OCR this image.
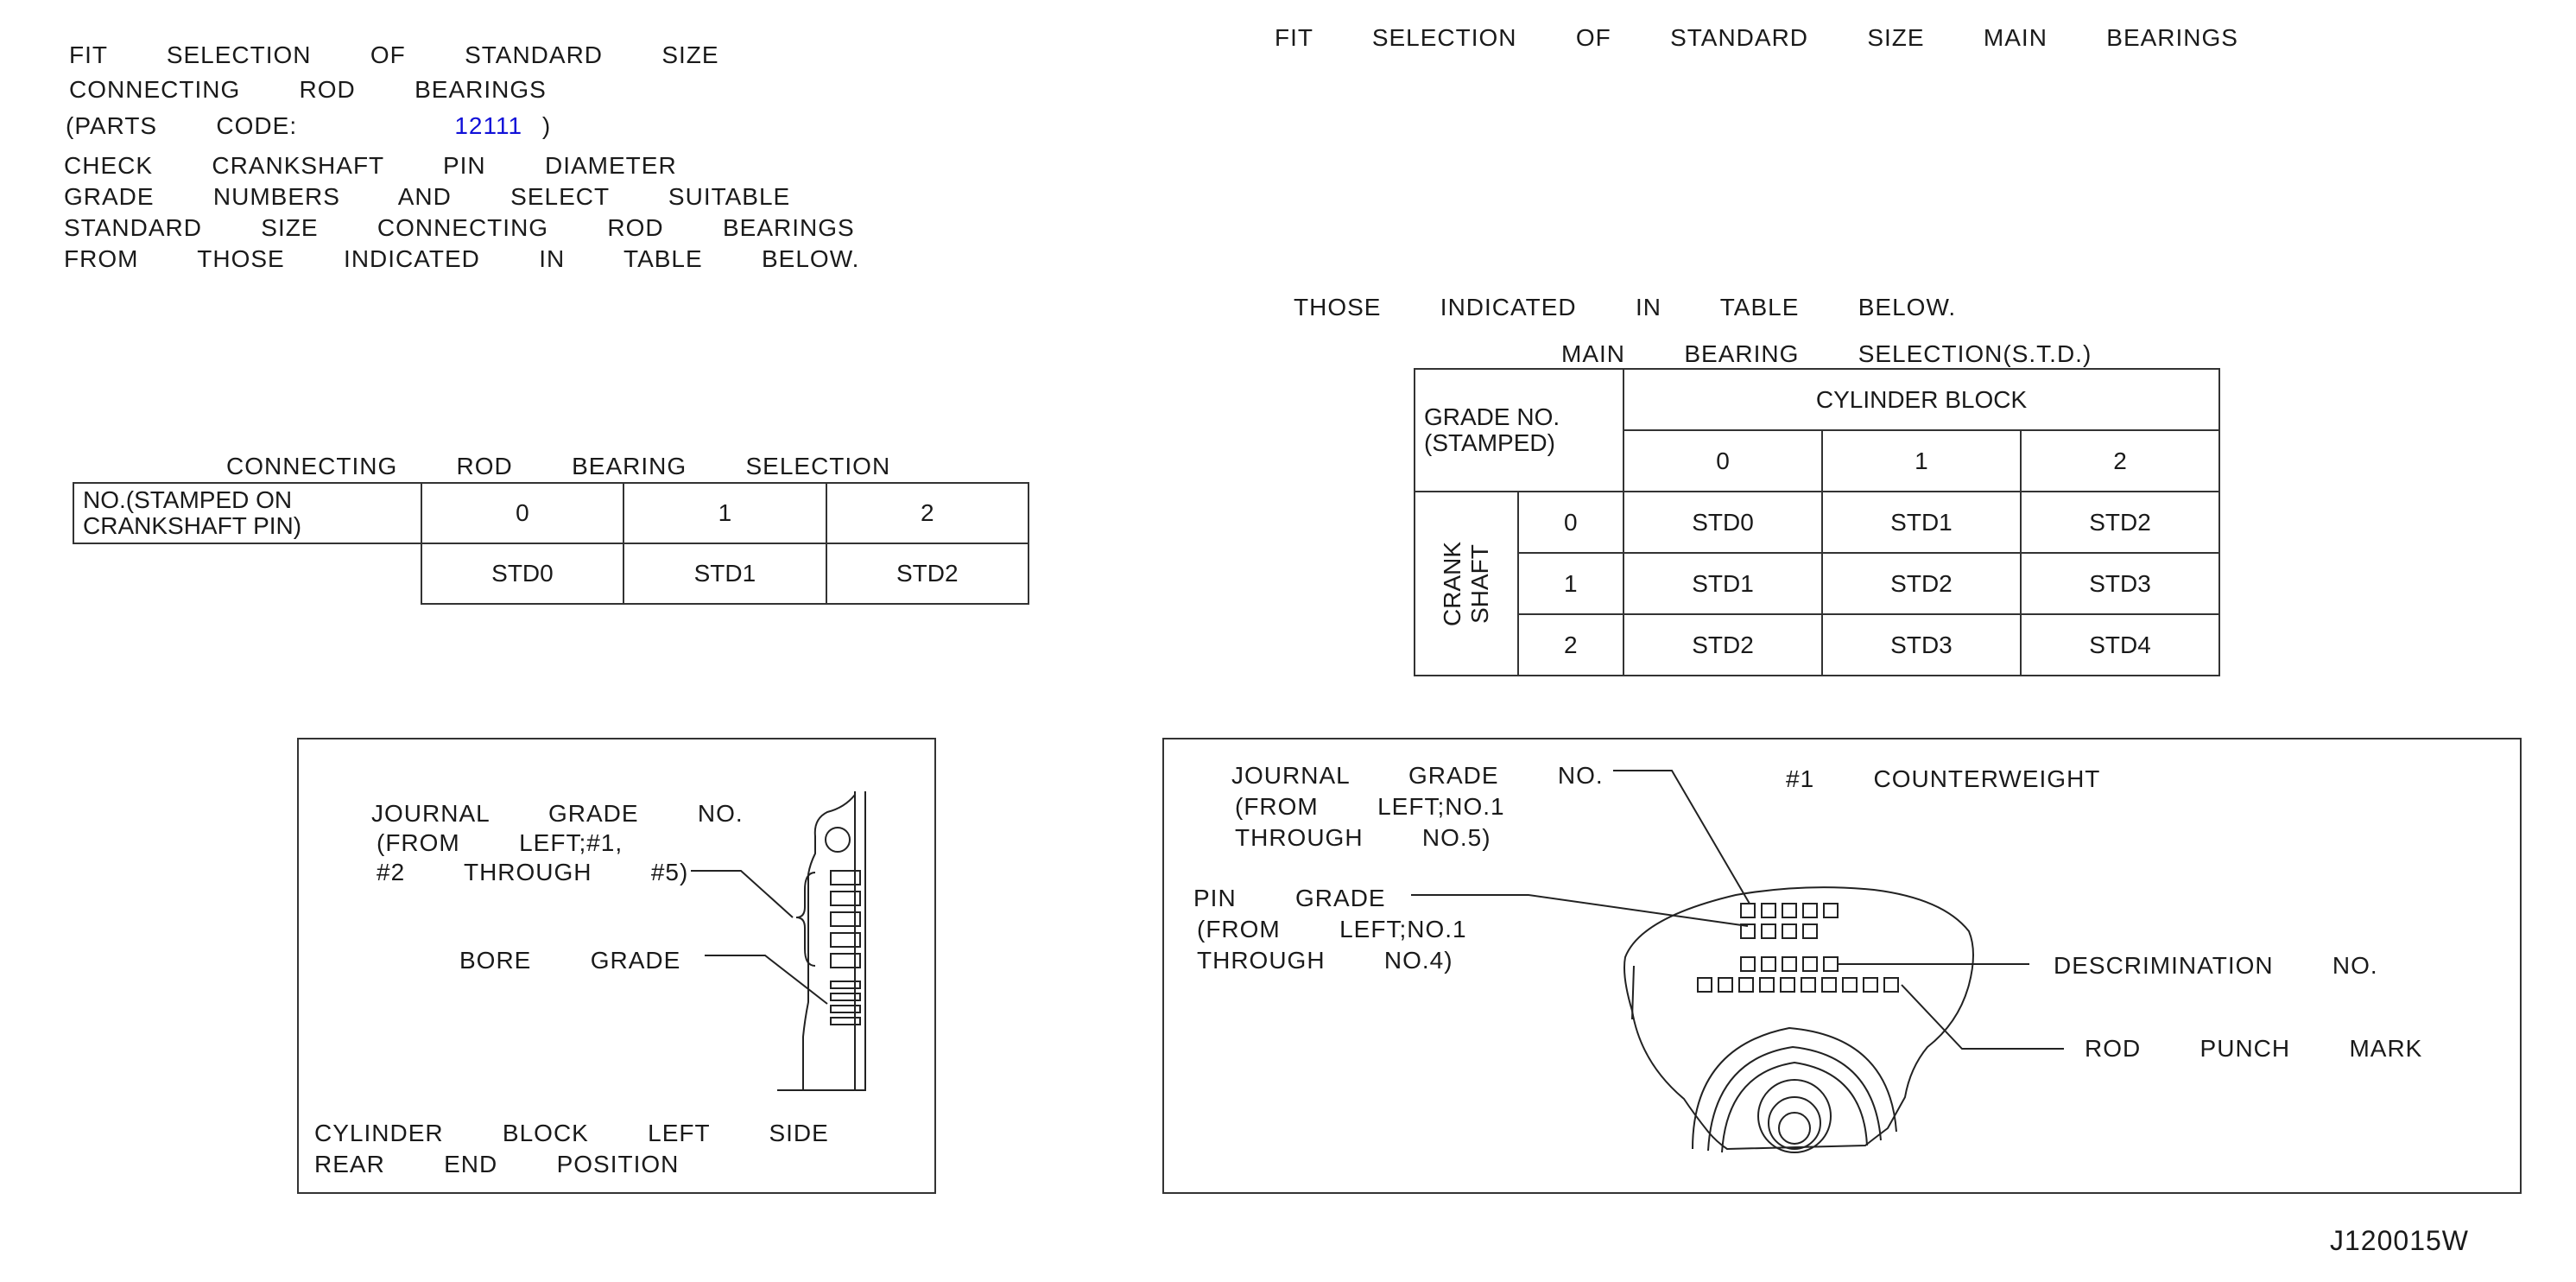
FIT   SELECTION   OF   STANDARD   SIZE
CONNECTING   ROD   BEARINGS
(PARTS   CODE:	12111 )
CHECK   CRANKSHAFT   PIN   DIAMETER
GRADE   NUMBERS   AND   SELECT   SUITABLE
STANDARD   SIZE   CONNECTING   ROD   BEARINGS
FROM   THOSE   INDICATED   IN   TABLE   BELOW.
FIT   SELECTION   OF   STANDARD   SIZE   MAIN   BEARINGS
THOSE   INDICATED   IN   TABLE   BELOW.
CONNECTING   ROD   BEARING   SELECTION
NO.(STAMPED ON
CRANKSHAFT PIN)	0	1	2
	STD0	STD1	STD2
MAIN   BEARING   SELECTION(S.T.D.)
GRADE NO.
(STAMPED)		CYLINDER BLOCK		
		0	1	2

CRANK SHAFT	0	STD0	STD1	STD2
	1	STD1	STD2	STD3
	2	STD2	STD3	STD4
JOURNAL   GRADE   NO.
(FROM   LEFT;#1,
#2   THROUGH   #5)
BORE   GRADE
CYLINDER   BLOCK   LEFT   SIDE
REAR   END   POSITION
JOURNAL   GRADE   NO.
(FROM   LEFT;NO.1
THROUGH   NO.5)
PIN   GRADE
(FROM   LEFT;NO.1
THROUGH   NO.4)
#1   COUNTERWEIGHT
DESCRIMINATION   NO.
ROD   PUNCH   MARK
J120015W
